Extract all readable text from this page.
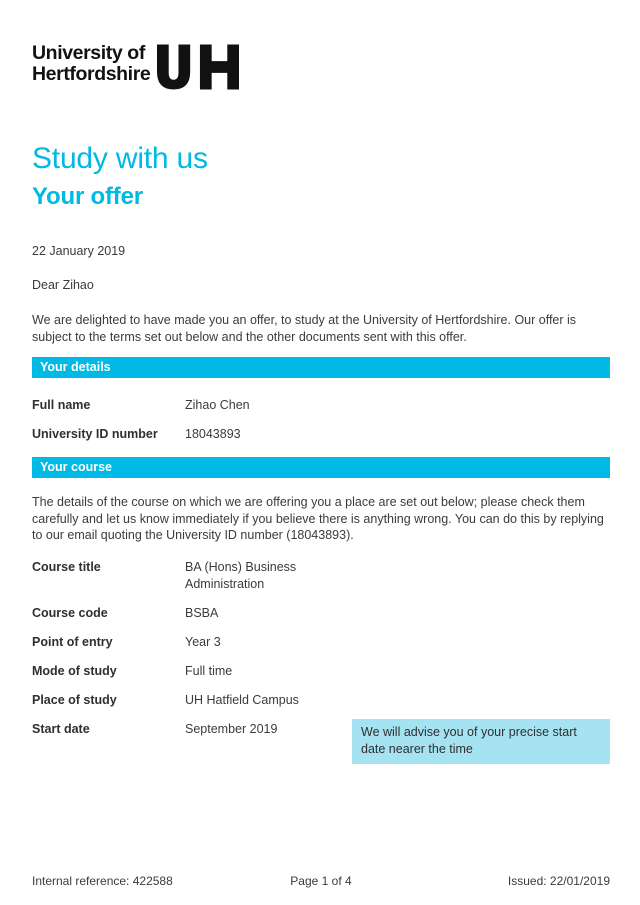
University of
Hertfordshire
Study with us
Your offer
22 January 2019
Dear Zihao
We are delighted to have made you an offer, to study at the University of Hertfordshire. Our offer is subject to the terms set out below and the other documents sent with this offer.
Your details
Full name	Zihao Chen
University ID number	18043893
Your course
The details of the course on which we are offering you a place are set out below; please check them carefully and let us know immediately if you believe there is anything wrong. You can do this by replying to our email quoting the University ID number (18043893).
Course title	BA (Hons) Business Administration
Course code	BSBA
Point of entry	Year 3
Mode of study	Full time
Place of study	UH Hatfield Campus
Start date	September 2019	We will advise you of your precise start date nearer the time
Internal reference: 422588	Page 1 of 4	Issued: 22/01/2019
